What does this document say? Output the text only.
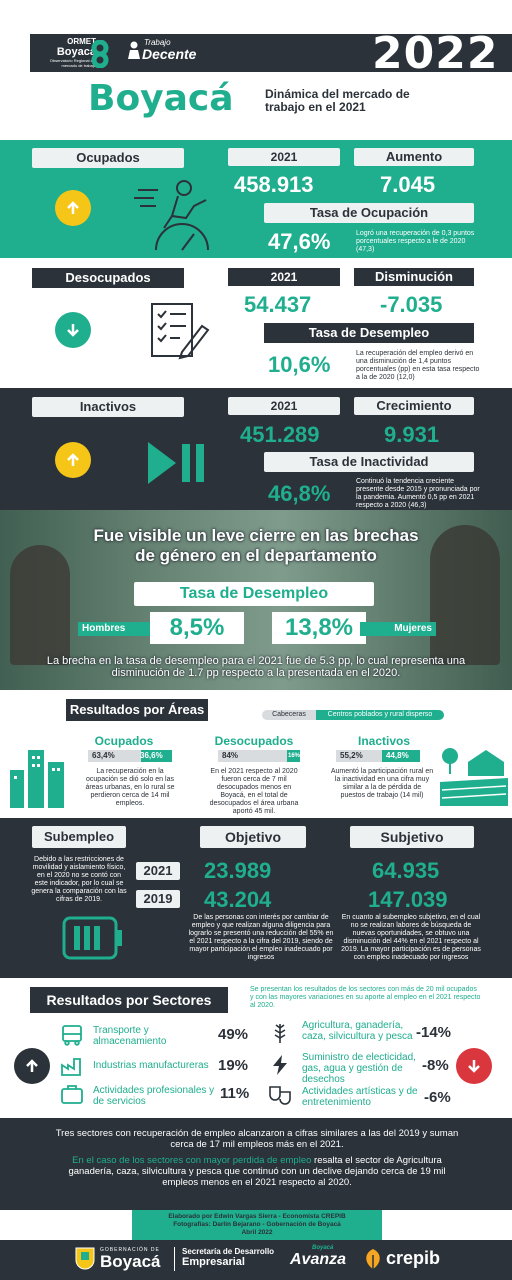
ORMET
Boyacá
Observatorio Regional del mercado de trabajo
Trabajo
Decente	2022
Boyacá	Dinámica del mercado de trabajo en el 2021
Ocupados	2021	Aumento
458.913	7.045
Tasa de Ocupación
47,6%	Logró una recuperación de 0,3 puntos porcentuales respecto a le de 2020 (47,3)
Desocupados	2021	Disminución
54.437	-7.035
Tasa de Desempleo
10,6%	La recuperación del empleo derivó en una disminución de 1,4 puntos porcentuales (pp) en esta tasa respecto a la de 2020 (12,0)
Inactivos	2021	Crecimiento
451.289	9.931
Tasa de Inactividad
46,8%	Continuó la tendencia creciente presente desde 2015 y pronunciada por la pandemia. Aumentó 0,5 pp en 2021 respecto a 2020 (46,3)
Fue visible un leve cierre en las brechas
de género en el departamento
Tasa de Desempleo
Hombres	8,5%	13,8%	Mujeres
La brecha en la tasa de desempleo para el 2021 fue de 5.3 pp, lo cual representa una disminución de 1.7 pp respecto a la presentada en el 2020.
Resultados por Áreas	Cabeceras	Centros poblados y rural disperso
Ocupados
63,4%	36,6%
La recuperación en la ocupación se dió solo en las áreas urbanas, en lo rural se perdieron cerca de 14 mil empleos.
Desocupados
84%	16%
En el 2021 respecto al 2020 fueron cerca de 7 mil desocupados menos en Boyacá, en el total de desocupados el área urbana aportó 45 mil.
Inactivos
55,2%	44,8%
Aumentó la participación rural en la inactividad en una cifra muy similar a la de pérdida de puestos de trabajo (14 mil)
Subempleo	Objetivo	Subjetivo
Debido a las restricciones de movilidad y aislamiento físico, en el 2020 no se contó con este indicador, por lo cual se genera la comparación con las cifras de 2019.
2021
2019
23.989	64.935
43.204	147.039
De las personas con interés por cambiar de empleo y que realizan alguna diligencia para lograrlo se presentó una reducción del 55% en el 2021 respecto a la cifra del 2019, siendo de mayor participación el empleo inadecuado por ingresos
En cuanto al subempleo subjetivo, en el cual no se realizan labores de búsqueda de nuevas oportunidades, se obtuvo una disminución del 44% en el 2021 respecto al 2019. La mayor participación es de personas con empleo inadecuado por ingresos
Resultados por Sectores
Se presentan los resultados de los sectores con más de 20 mil ocupados y con las mayores variaciones en su aporte al empleo en el 2021 respecto al 2020.
Transporte y almacenamiento	49%
Industrias manufactureras 19%
Actividades profesionales y de servicios	11%
Agricultura, ganadería, caza, silvicultura y pesca -14%
Suministro de electicidad, gas, agua y gestión de desechos
-8%
Actividades artísticas y de entretenimiento	-6%
Tres sectores con recuperación de empleo alcanzaron a cifras similares a las del 2019 y suman cerca de 17 mil empleos más en el 2021.
En el caso de los sectores con mayor perdida de empleo resalta el sector de Agricultura ganadería, caza, silvicultura y pesca que continuó con un declive dejando cerca de 19 mil empleos menos en el 2021 respecto al 2020.
Elaborado por Edwin Vargas Sierra - Economista CREPIB
Fotografías: Darlin Bejarano - Gobernación de Boyacá
Abril 2022
GOBERNACIÓN DE
Boyacá
Secretaría de Desarrollo
Empresarial
Boyacá
Avanza crepib
